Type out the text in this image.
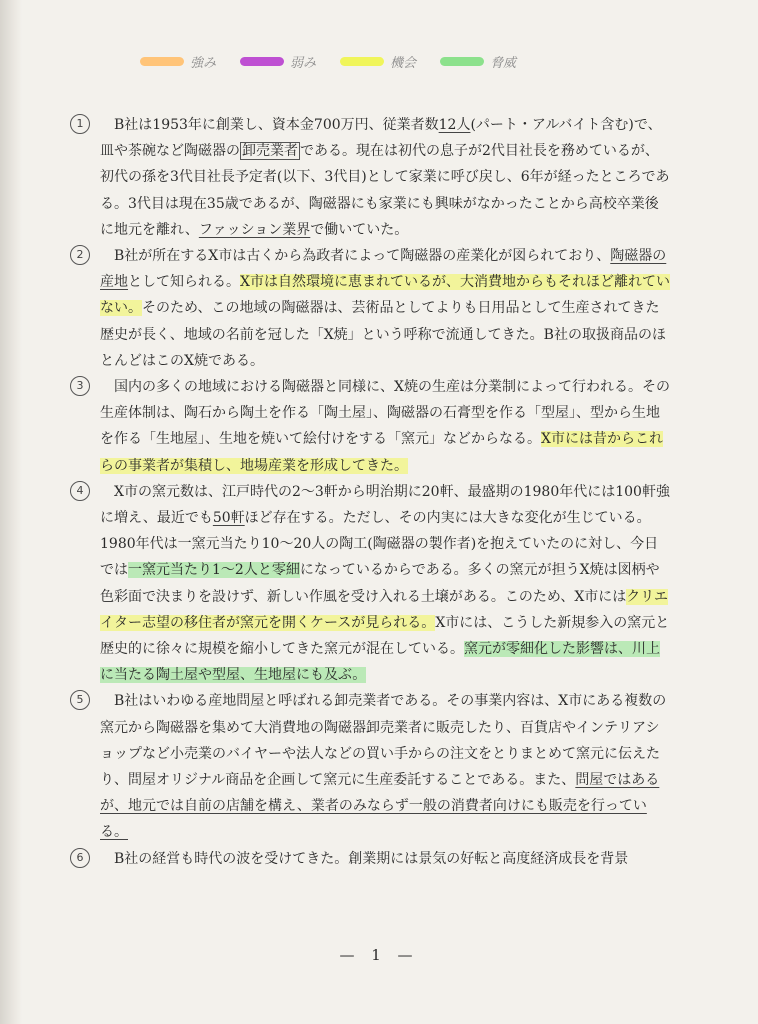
強み	弱み	機会	脅威

1	B社は1953年に創業し、資本金700万円、従業者数12人(パート・アルバイト含む)で、皿や茶碗など陶磁器の 卸売業者 である。現在は初代の息子が2代目社長を務めているが、初代の孫を3代目社長予定者(以下、3代目)として家業に呼び戻し、6年が経ったところである。3代目は現在35歳であるが、陶磁器にも家業にも興味がなかったことから高校卒業後に地元を離れ、ファッション業界で働いていた。

2	B社が所在するX市は古くから為政者によって陶磁器の産業化が図られており、陶磁器の産地として知られる。X市は自然環境に恵まれているが、大消費地からもそれほど離れていない。そのため、この地域の陶磁器は、芸術品としてよりも日用品として生産されてきた歴史が長く、地域の名前を冠した「X焼」という呼称で流通してきた。B社の取扱商品のほとんどはこのX焼である。

3	国内の多くの地域における陶磁器と同様に、X焼の生産は分業制によって行われる。その生産体制は、陶石から陶土を作る「陶土屋」、陶磁器の石膏型を作る「型屋」、型から生地を作る「生地屋」、生地を焼いて絵付けをする「窯元」などからなる。X市には昔からこれらの事業者が集積し、地場産業を形成してきた。

4	X市の窯元数は、江戸時代の2～3軒から明治期に20軒、最盛期の1980年代には100軒強に増え、最近でも50軒ほど存在する。ただし、その内実には大きな変化が生じている。1980年代は一窯元当たり10～20人の陶工(陶磁器の製作者)を抱えていたのに対し、今日では一窯元当たり1～2人と零細になっているからである。多くの窯元が担うX焼は図柄や色彩面で決まりを設けず、新しい作風を受け入れる土壌がある。このため、X市にはクリエイター志望の移住者が窯元を開くケースが見られる。X市には、こうした新規参入の窯元と歴史的に徐々に規模を縮小してきた窯元が混在している。窯元が零細化した影響は、川上に当たる陶土屋や型屋、生地屋にも及ぶ。

5	B社はいわゆる産地問屋と呼ばれる卸売業者である。その事業内容は、X市にある複数の窯元から陶磁器を集めて大消費地の陶磁器卸売業者に販売したり、百貨店やインテリアショップなど小売業のバイヤーや法人などの買い手からの注文をとりまとめて窯元に伝えたり、問屋オリジナル商品を企画して窯元に生産委託することである。また、問屋ではあるが、地元では自前の店舗を構え、業者のみならず一般の消費者向けにも販売を行っている。

6	B社の経営も時代の波を受けてきた。創業期には景気の好転と高度経済成長を背景

— 1 —
